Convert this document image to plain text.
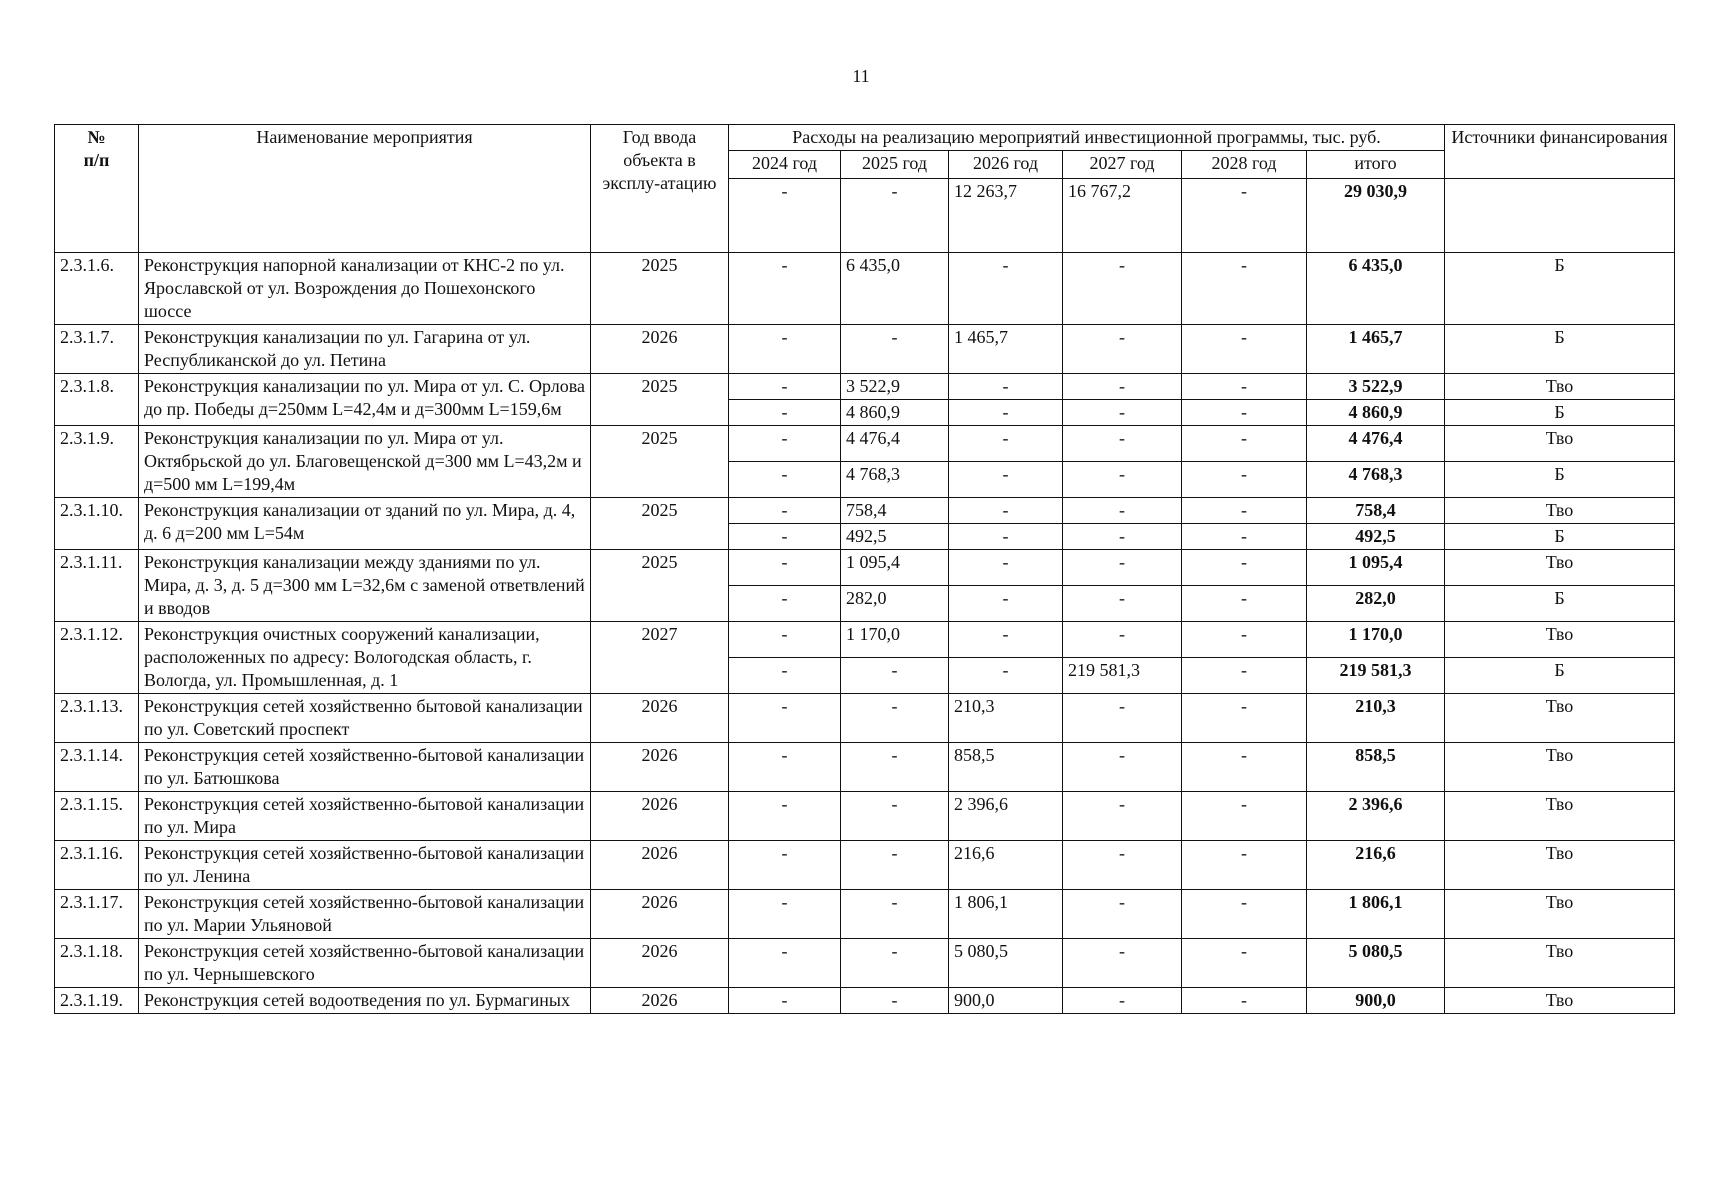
11
№
п/п	Наименование мероприятия	Год ввода объекта в эксплу-атацию	Расходы на реализацию мероприятий инвестиционной программы, тыс. руб.						Источники финансирования
			2024 год	2025 год	2026 год	2027 год	2028 год	итого	
			-	-	12 263,7	16 767,2	-	29 030,9	
2.3.1.6.	Реконструкция напорной канализации от КНС-2 по ул. Ярославской от ул. Возрождения до Пошехонского шоссе	2025	-	6 435,0	-	-	-	6 435,0	Б
2.3.1.7.	Реконструкция канализации по ул. Гагарина от ул. Республиканской до ул. Петина	2026	-	-	1 465,7	-	-	1 465,7	Б
2.3.1.8.	Реконструкция канализации по ул. Мира от ул. С. Орлова до пр. Победы д=250мм L=42,4м и д=300мм L=159,6м	2025	-	3 522,9	-	-	-	3 522,9	Тво
			-	4 860,9	-	-	-	4 860,9	Б
2.3.1.9.	Реконструкция канализации по ул. Мира от ул. Октябрьской до ул. Благовещенской д=300 мм L=43,2м и д=500 мм L=199,4м	2025	-	4 476,4	-	-	-	4 476,4	Тво
			-	4 768,3	-	-	-	4 768,3	Б
2.3.1.10.	Реконструкция канализации от зданий по ул. Мира, д. 4, д. 6 д=200 мм L=54м	2025	-	758,4	-	-	-	758,4	Тво
			-	492,5	-	-	-	492,5	Б
2.3.1.11.	Реконструкция канализации между зданиями по ул. Мира, д. 3, д. 5 д=300 мм L=32,6м с заменой ответвлений и вводов	2025	-	1 095,4	-	-	-	1 095,4	Тво
			-	282,0	-	-	-	282,0	Б
2.3.1.12.	Реконструкция очистных сооружений канализации, расположенных по адресу: Вологодская область, г. Вологда, ул. Промышленная, д. 1	2027	-	1 170,0	-	-	-	1 170,0	Тво
			-	-	-	219 581,3	-	219 581,3	Б
2.3.1.13.	Реконструкция сетей хозяйственно бытовой канализации по ул. Советский проспект	2026	-	-	210,3	-	-	210,3	Тво
2.3.1.14.	Реконструкция сетей хозяйственно-бытовой канализации по ул. Батюшкова	2026	-	-	858,5	-	-	858,5	Тво
2.3.1.15.	Реконструкция сетей хозяйственно-бытовой канализации по ул. Мира	2026	-	-	2 396,6	-	-	2 396,6	Тво
2.3.1.16.	Реконструкция сетей хозяйственно-бытовой канализации по ул. Ленина	2026	-	-	216,6	-	-	216,6	Тво
2.3.1.17.	Реконструкция сетей хозяйственно-бытовой канализации по ул. Марии Ульяновой	2026	-	-	1 806,1	-	-	1 806,1	Тво
2.3.1.18.	Реконструкция сетей хозяйственно-бытовой канализации по ул. Чернышевского	2026	-	-	5 080,5	-	-	5 080,5	Тво
2.3.1.19.	Реконструкция сетей водоотведения по ул. Бурмагиных	2026	-	-	900,0	-	-	900,0	Тво
